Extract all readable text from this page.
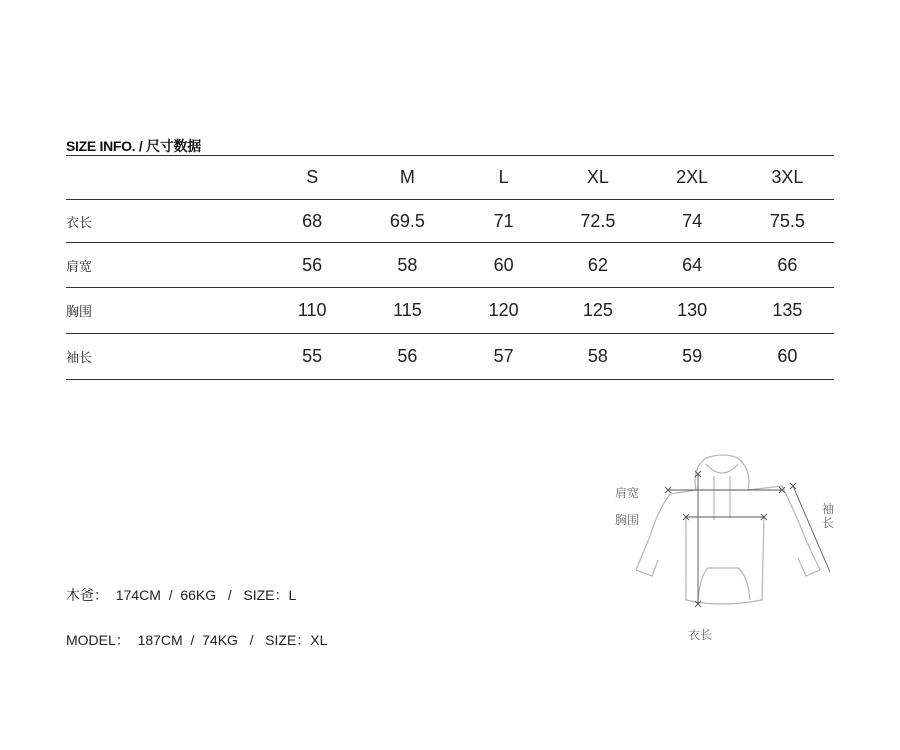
SIZE INFO. / 尺寸数据
	S	M	L	XL	2XL	3XL
衣长	68	69.5	71	72.5	74	75.5
肩宽	56	58	60	62	64	66
胸围	110	115	120	125	130	135
袖长	55	56	57	58	59	60
木爸：  174CM  /  66KG   /   SIZE：L
MODEL：  187CM  /  74KG   /   SIZE：XL
肩宽
胸围
袖
长
衣长
